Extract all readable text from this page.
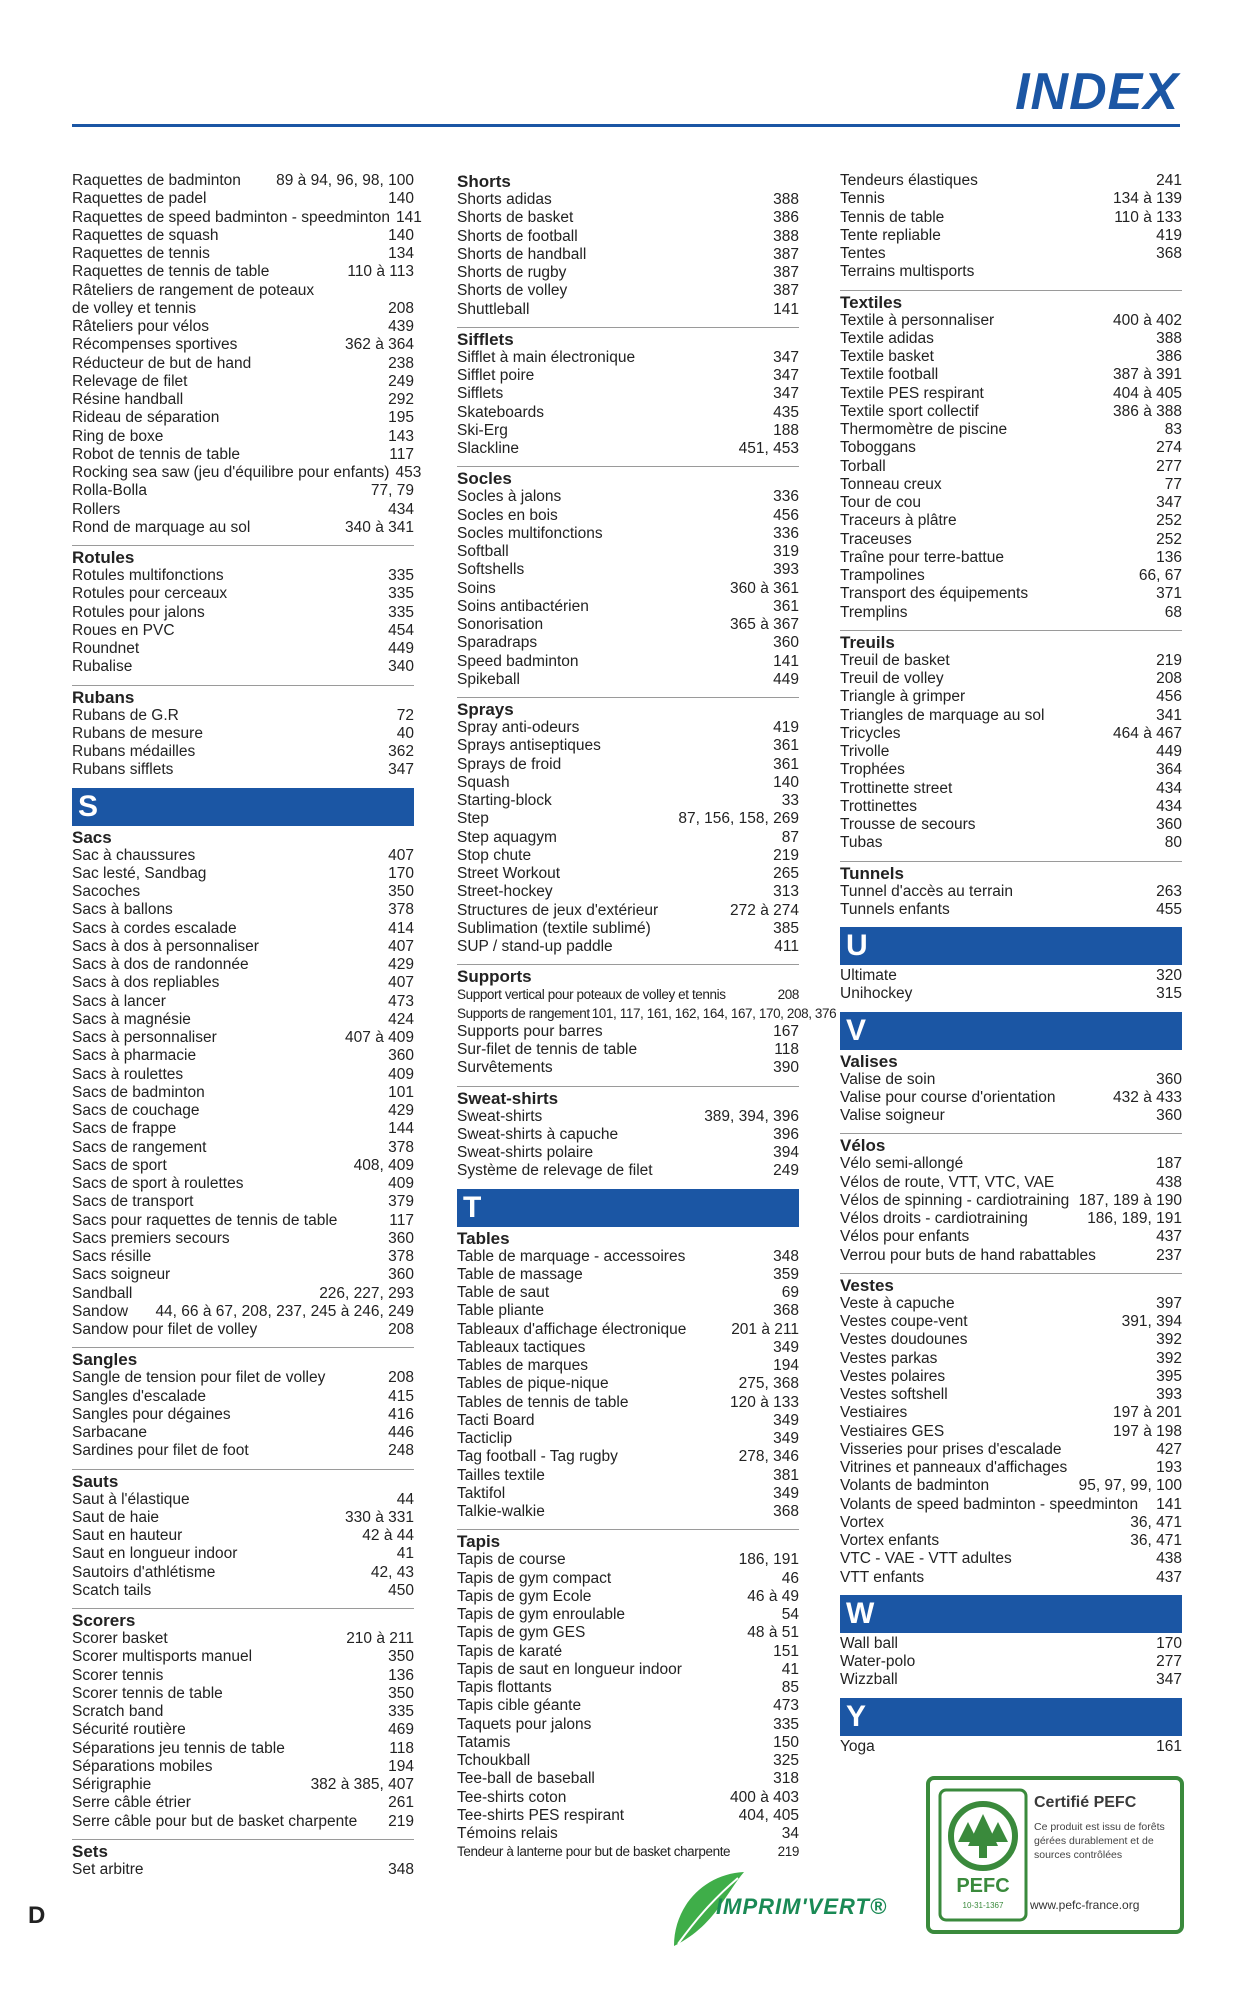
INDEX
Raquettes de badminton	89 à 94, 96, 98, 100
Raquettes de padel	140
Raquettes de speed badminton - speedminton 141
Raquettes de squash	140
Raquettes de tennis	134
Raquettes de tennis de table	110 à 113
Râteliers de rangement de poteaux
de volley et tennis	208
Râteliers pour vélos	439
Récompenses sportives	362 à 364
Réducteur de but de hand	238
Relevage de filet	249
Résine handball	292
Rideau de séparation	195
Ring de boxe	143
Robot de tennis de table	117
Rocking sea saw (jeu d'équilibre pour enfants) 453
Rolla-Bolla	77, 79
Rollers	434
Rond de marquage au sol	340 à 341
Rotules
Rotules multifonctions	335
Rotules pour cerceaux	335
Rotules pour jalons	335
Roues en PVC	454
Roundnet	449
Rubalise	340
Rubans
Rubans de G.R	72
Rubans de mesure	40
Rubans médailles	362
Rubans sifflets	347
S
Sacs
Sac à chaussures	407
Sac lesté, Sandbag	170
Sacoches	350
Sacs à ballons	378
Sacs à cordes escalade	414
Sacs à dos à personnaliser	407
Sacs à dos de randonnée	429
Sacs à dos repliables	407
Sacs à lancer	473
Sacs à magnésie	424
Sacs à personnaliser	407 à 409
Sacs à pharmacie	360
Sacs à roulettes	409
Sacs de badminton	101
Sacs de couchage	429
Sacs de frappe	144
Sacs de rangement	378
Sacs de sport	408, 409
Sacs de sport à roulettes	409
Sacs de transport	379
Sacs pour raquettes de tennis de table	117
Sacs premiers secours	360
Sacs résille	378
Sacs soigneur	360
Sandball	226, 227, 293
Sandow	44, 66 à 67, 208, 237, 245 à 246, 249
Sandow pour filet de volley	208
Sangles
Sangle de tension pour filet de volley	208
Sangles d'escalade	415
Sangles pour dégaines	416
Sarbacane	446
Sardines pour filet de foot	248
Sauts
Saut à l'élastique	44
Saut de haie	330 à 331
Saut en hauteur	42 à 44
Saut en longueur indoor	41
Sautoirs d'athlétisme	42, 43
Scatch tails	450
Scorers
Scorer basket	210 à 211
Scorer multisports manuel	350
Scorer tennis	136
Scorer tennis de table	350
Scratch band	335
Sécurité routière	469
Séparations jeu tennis de table	118
Séparations mobiles	194
Sérigraphie	382 à 385, 407
Serre câble étrier	261
Serre câble pour but de basket charpente	219
Sets
Set arbitre	348
Shorts
Shorts adidas	388
Shorts de basket	386
Shorts de football	388
Shorts de handball	387
Shorts de rugby	387
Shorts de volley	387
Shuttleball	141
Sifflets
Sifflet à main électronique	347
Sifflet poire	347
Sifflets	347
Skateboards	435
Ski-Erg	188
Slackline	451, 453
Socles
Socles à jalons	336
Socles en bois	456
Socles multifonctions	336
Softball	319
Softshells	393
Soins	360 à 361
Soins antibactérien	361
Sonorisation	365 à 367
Sparadraps	360
Speed badminton	141
Spikeball	449
Sprays
Spray anti-odeurs	419
Sprays antiseptiques	361
Sprays de froid	361
Squash	140
Starting-block	33
Step	87, 156, 158, 269
Step aquagym	87
Stop chute	219
Street Workout	265
Street-hockey	313
Structures de jeux d'extérieur	272 à 274
Sublimation (textile sublimé)	385
SUP / stand-up paddle	411
Supports
Support vertical pour poteaux de volley et tennis	208
Supports de rangement 101, 117, 161, 162, 164, 167, 170, 208, 376
Supports pour barres	167
Sur-filet de tennis de table	118
Survêtements	390
Sweat-shirts
Sweat-shirts	389, 394, 396
Sweat-shirts à capuche	396
Sweat-shirts polaire	394
Système de relevage de filet	249
T
Tables
Table de marquage - accessoires	348
Table de massage	359
Table de saut	69
Table pliante	368
Tableaux d'affichage électronique	201 à 211
Tableaux tactiques	349
Tables de marques	194
Tables de pique-nique	275, 368
Tables de tennis de table	120 à 133
Tacti Board	349
Tacticlip	349
Tag football - Tag rugby	278, 346
Tailles textile	381
Taktifol	349
Talkie-walkie	368
Tapis
Tapis de course	186, 191
Tapis de gym compact	46
Tapis de gym Ecole	46 à 49
Tapis de gym enroulable	54
Tapis de gym GES	48 à 51
Tapis de karaté	151
Tapis de saut en longueur indoor	41
Tapis flottants	85
Tapis cible géante	473
Taquets pour jalons	335
Tatamis	150
Tchoukball	325
Tee-ball de baseball	318
Tee-shirts coton	400 à 403
Tee-shirts PES respirant	404, 405
Témoins relais	34
Tendeur à lanterne pour but de basket charpente	219
Tendeurs élastiques	241
Tennis	134 à 139
Tennis de table	110 à 133
Tente repliable	419
Tentes	368
Terrains multisports
Textiles
Textile à personnaliser	400 à 402
Textile adidas	388
Textile basket	386
Textile football	387 à 391
Textile PES respirant	404 à 405
Textile sport collectif	386 à 388
Thermomètre de piscine	83
Toboggans	274
Torball	277
Tonneau creux	77
Tour de cou	347
Traceurs à plâtre	252
Traceuses	252
Traîne pour terre-battue	136
Trampolines	66, 67
Transport des équipements	371
Tremplins	68
Treuils
Treuil de basket	219
Treuil de volley	208
Triangle à grimper	456
Triangles de marquage au sol	341
Tricycles	464 à 467
Trivolle	449
Trophées	364
Trottinette street	434
Trottinettes	434
Trousse de secours	360
Tubas	80
Tunnels
Tunnel d'accès au terrain	263
Tunnels enfants	455
U
Ultimate	320
Unihockey	315
V
Valises
Valise de soin	360
Valise pour course d'orientation	432 à 433
Valise soigneur	360
Vélos
Vélo semi-allongé	187
Vélos de route, VTT, VTC, VAE	438
Vélos de spinning - cardiotraining 187, 189 à 190
Vélos droits - cardiotraining	186, 189, 191
Vélos pour enfants	437
Verrou pour buts de hand rabattables	237
Vestes
Veste à capuche	397
Vestes coupe-vent	391, 394
Vestes doudounes	392
Vestes parkas	392
Vestes polaires	395
Vestes softshell	393
Vestiaires	197 à 201
Vestiaires GES	197 à 198
Visseries pour prises d'escalade	427
Vitrines et panneaux d'affichages	193
Volants de badminton	95, 97, 99, 100
Volants de speed badminton - speedminton	141
Vortex	36, 471
Vortex enfants	36, 471
VTC - VAE - VTT adultes	438
VTT enfants	437
W
Wall ball	170
Water-polo	277
Wizzball	347
Y
Yoga	161

D	IMPRIM'VERT®
PEFC
10-31-1367
Certifié PEFC
Ce produit est issu de forêts gérées durablement et de sources contrôlées
www.pefc-france.org
